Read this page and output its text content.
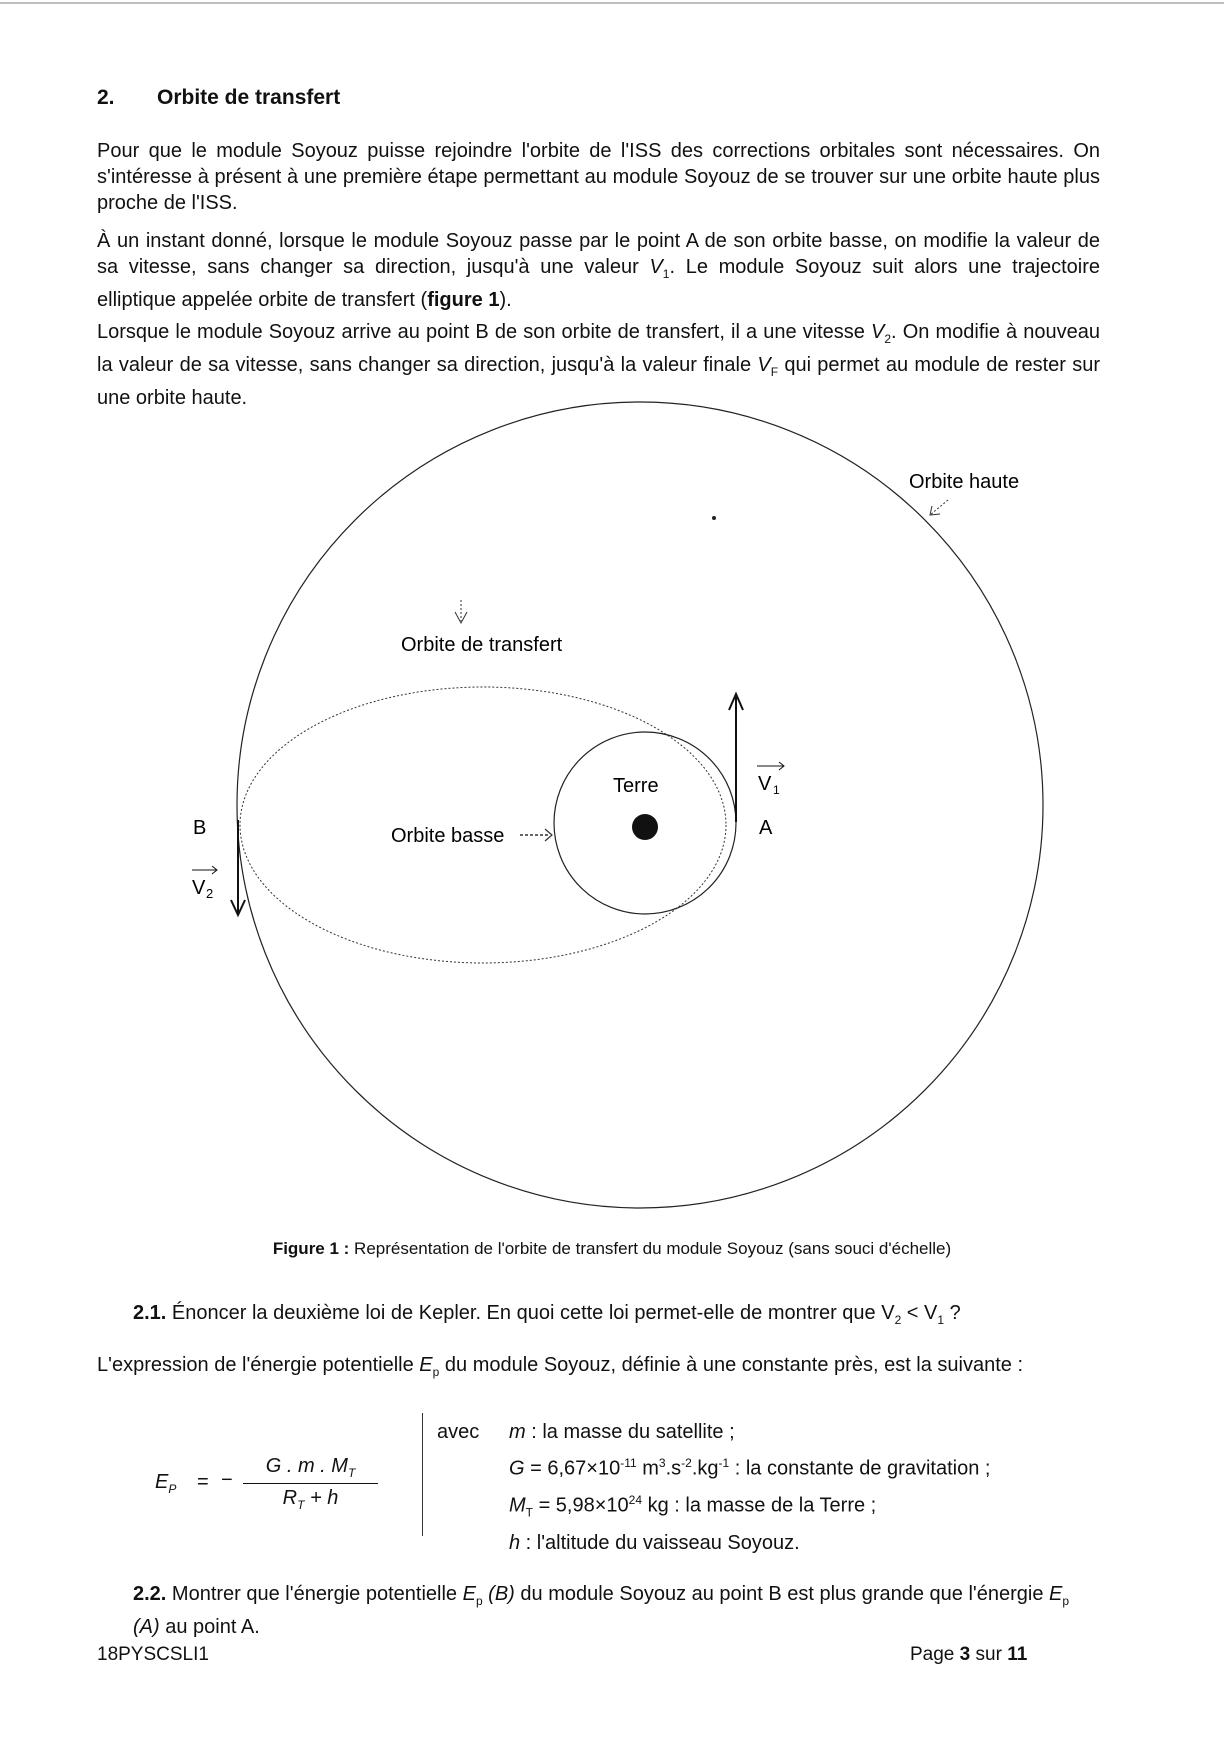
2. Orbite de transfert

Pour que le module Soyouz puisse rejoindre l'orbite de l'ISS des corrections orbitales sont nécessaires. On s'intéresse à présent à une première étape permettant au module Soyouz de se trouver sur une orbite haute plus proche de l'ISS.

À un instant donné, lorsque le module Soyouz passe par le point A de son orbite basse, on modifie la valeur de sa vitesse, sans changer sa direction, jusqu'à une valeur $V_1$. Le module Soyouz suit alors une trajectoire elliptique appelée orbite de transfert (figure 1).

Lorsque le module Soyouz arrive au point B de son orbite de transfert, il a une vitesse $V_2$. On modifie à nouveau la valeur de sa vitesse, sans changer sa direction, jusqu'à la valeur finale $V_F$ qui permet au module de rester sur une orbite haute.

Orbite haute
Orbite de transfert
Terre
Orbite basse
B	A
V 1
V 2
Figure 1 : Représentation de l'orbite de transfert du module Soyouz (sans souci d'échelle)

2.1. Énoncer la deuxième loi de Kepler. En quoi cette loi permet-elle de montrer que $V_2 < V_1$ ?

L'expression de l'énergie potentielle $E_p$ du module Soyouz, définie à une constante près, est la suivante :

$E_P$ = −
G . m . $M_T$
$R_T + h$
avec m : la masse du satellite ;
$G = 6,67\times 10^{-11}$ $m^3.s^{-2}.kg^{-1}$ : la constante de gravitation ;
$M_T = 5,98\times 10^{24}$ kg : la masse de la Terre ;
h : l'altitude du vaisseau Soyouz.

2.2. Montrer que l'énergie potentielle $E_p$ (B) du module Soyouz au point B est plus grande que l'énergie $E_p$ (A) au point A.

18PYSCSLI1	Page 3 sur 11
